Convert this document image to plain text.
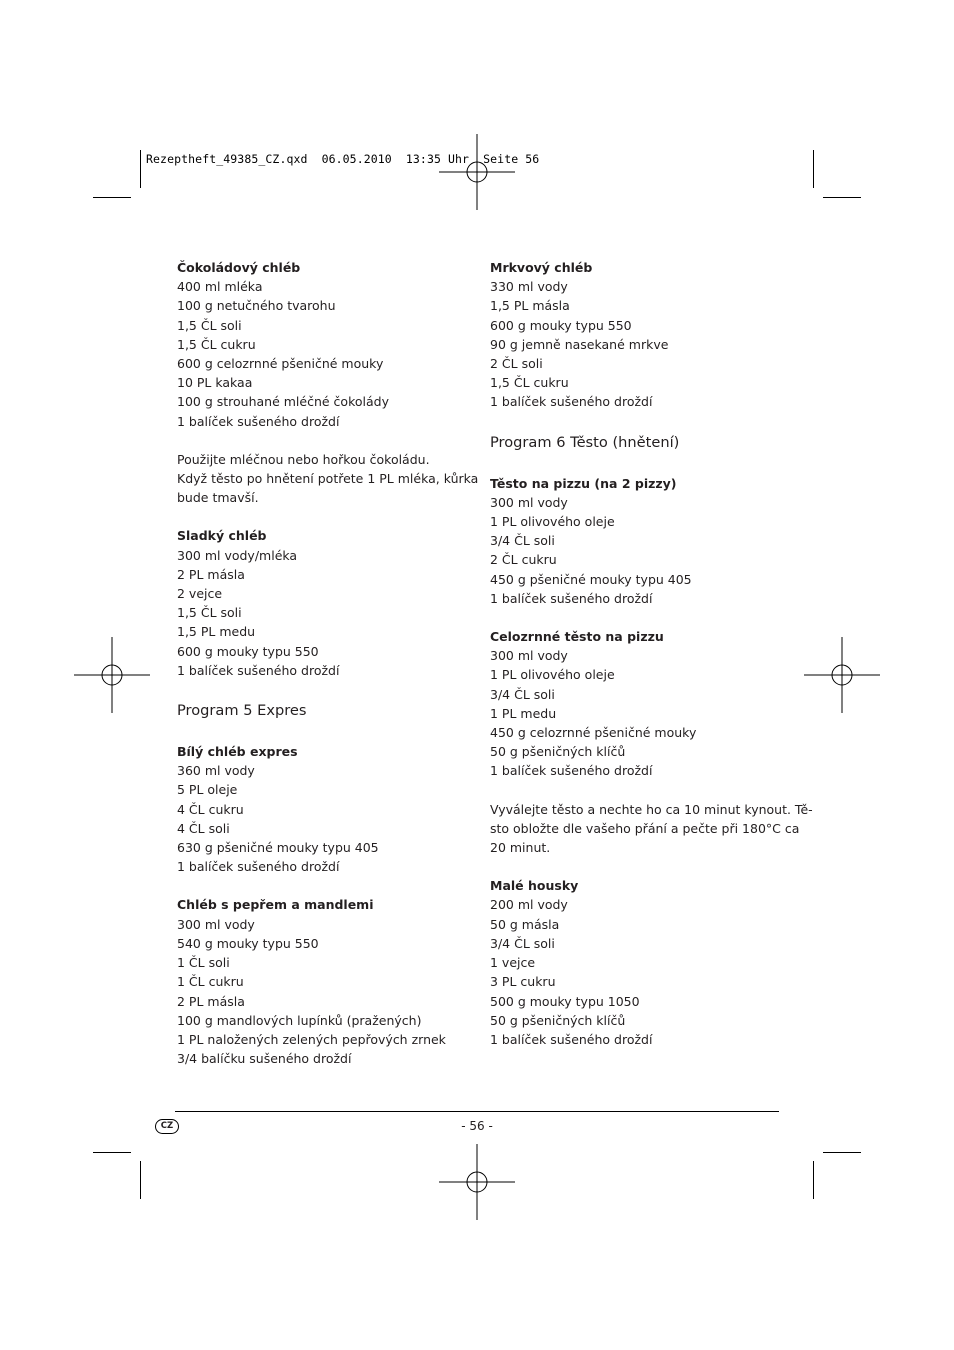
Rezeptheft_49385_CZ.qxd  06.05.2010  13:35 Uhr  Seite 56
Čokoládový chléb
400 ml mléka
100 g netučného tvarohu
1,5 ČL soli
1,5 ČL cukru
600 g celozrnné pšeničné mouky
10 PL kakaa
100 g strouhané mléčné čokolády
1 balíček sušeného droždí
Použijte mléčnou nebo hořkou čokoládu.
Když těsto po hnětení potřete 1 PL mléka, kůrka
bude tmavší.
Sladký chléb
300 ml vody/mléka
2 PL másla
2 vejce
1,5 ČL soli
1,5 PL medu
600 g mouky typu 550
1 balíček sušeného droždí
Program 5 Expres
Bílý chléb expres
360 ml vody
5 PL oleje
4 ČL cukru
4 ČL soli
630 g pšeničné mouky typu 405
1 balíček sušeného droždí
Chléb s pepřem a mandlemi
300 ml vody
540 g mouky typu 550
1 ČL soli
1 ČL cukru
2 PL másla
100 g mandlových lupínků (pražených)
1 PL naložených zelených pepřových zrnek
3/4 balíčku sušeného droždí
Mrkvový chléb
330 ml vody
1,5 PL másla
600 g mouky typu 550
90 g jemně nasekané mrkve
2 ČL soli
1,5 ČL cukru
1 balíček sušeného droždí
Program 6 Těsto (hnětení)
Těsto na pizzu (na 2 pizzy)
300 ml vody
1 PL olivového oleje
3/4 ČL soli
2 ČL cukru
450 g pšeničné mouky typu 405
1 balíček sušeného droždí
Celozrnné těsto na pizzu
300 ml vody
1 PL olivového oleje
3/4 ČL soli
1 PL medu
450 g celozrnné pšeničné mouky
50 g pšeničných klíčů
1 balíček sušeného droždí
Vyválejte těsto a nechte ho ca 10 minut kynout. Tě-
sto obložte dle vašeho přání a pečte při 180°C ca
20 minut.
Malé housky
200 ml vody
50 g másla
3/4 ČL soli
1 vejce
3 PL cukru
500 g mouky typu 1050
50 g pšeničných klíčů
1 balíček sušeného droždí
CZ	- 56 -
